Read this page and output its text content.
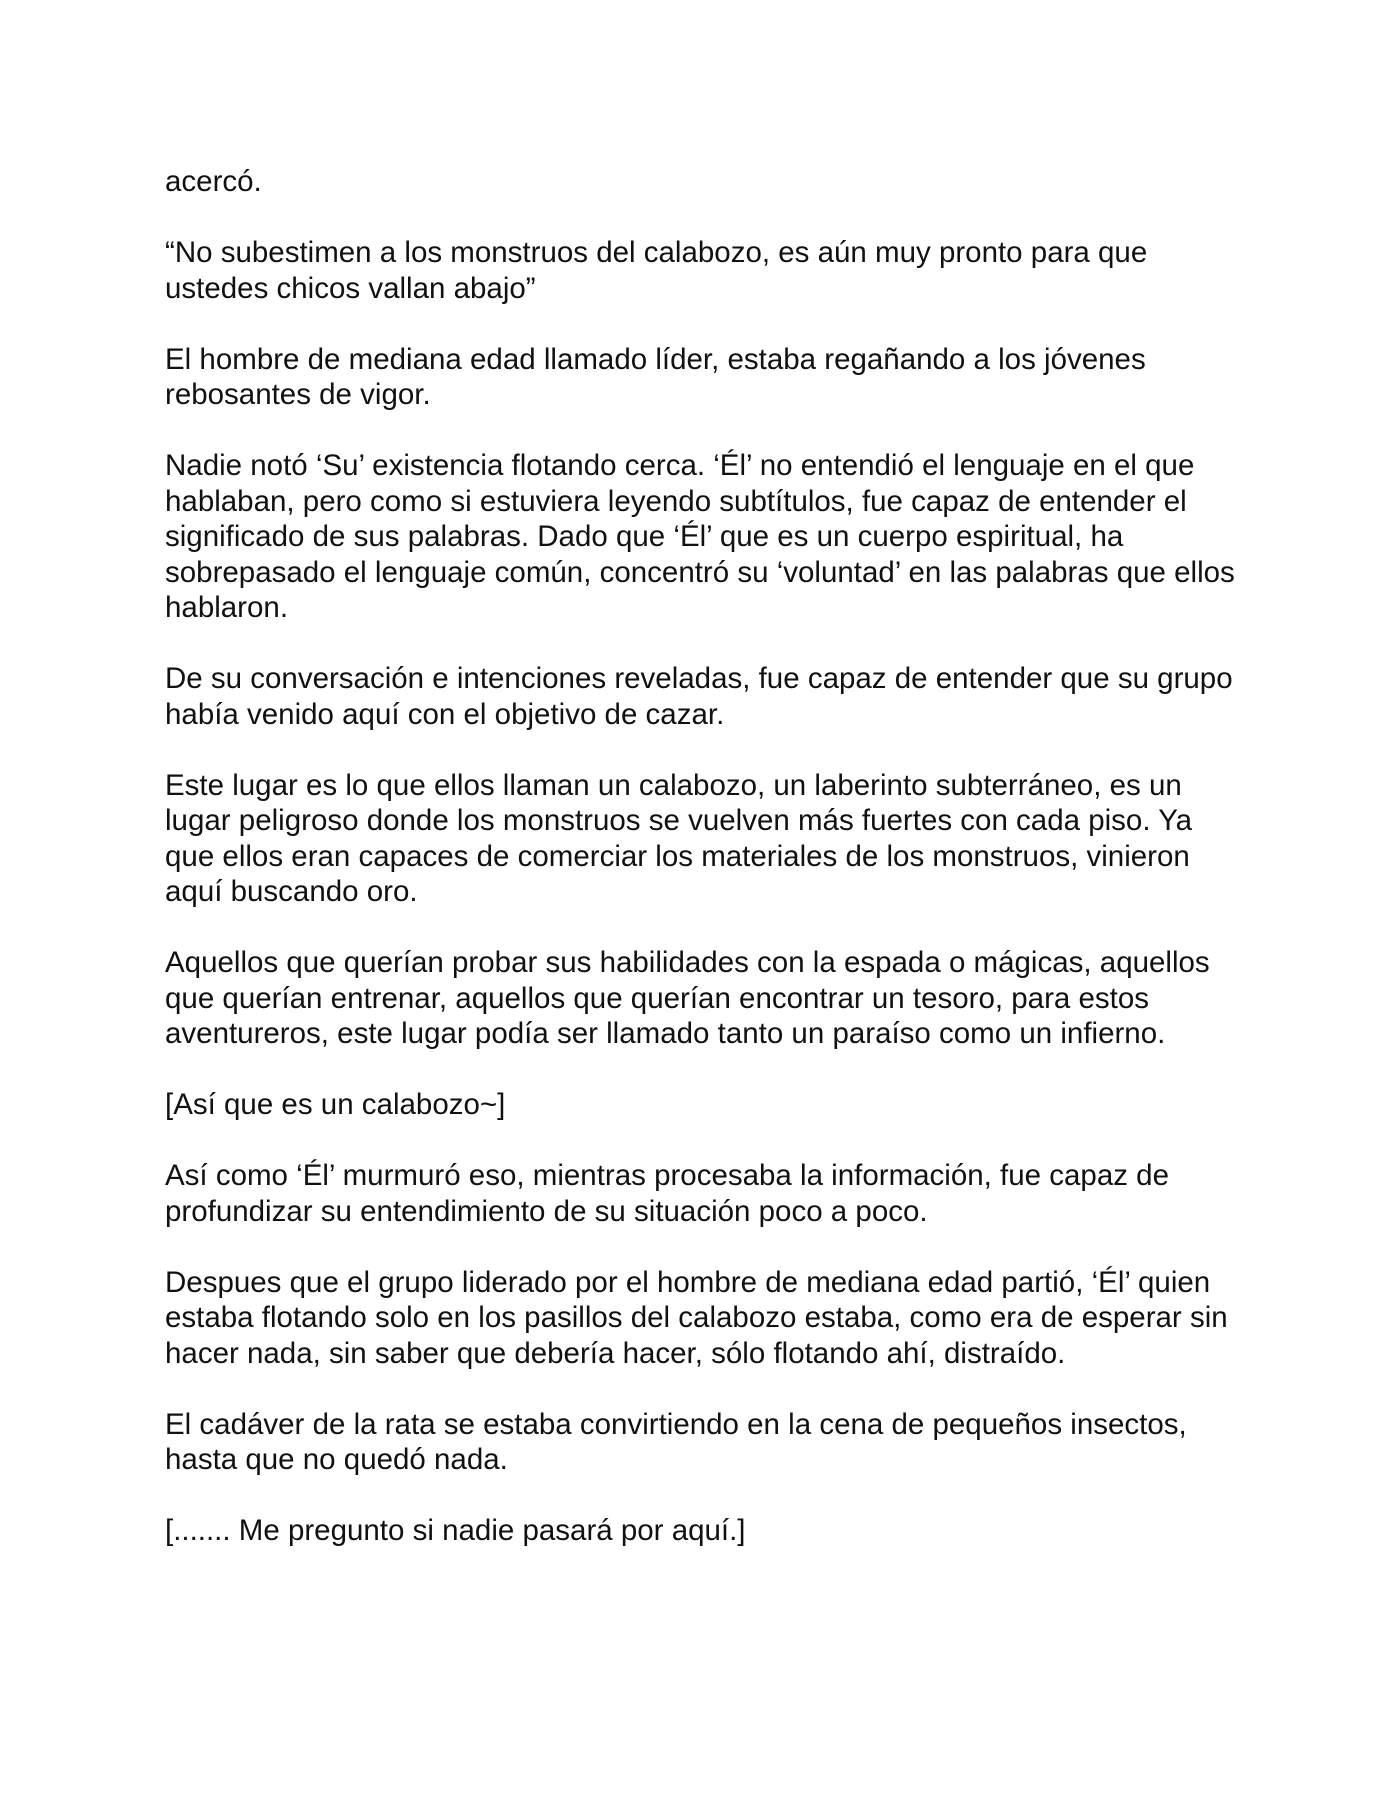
acercó.

“No subestimen a los monstruos del calabozo, es aún muy pronto para que ustedes chicos vallan abajo”

El hombre de mediana edad llamado líder, estaba regañando a los jóvenes rebosantes de vigor.

Nadie notó ‘Su’ existencia flotando cerca. ‘Él’ no entendió el lenguaje en el que hablaban, pero como si estuviera leyendo subtítulos, fue capaz de entender el significado de sus palabras. Dado que ‘Él’ que es un cuerpo espiritual, ha sobrepasado el lenguaje común, concentró su ‘voluntad’ en las palabras que ellos hablaron.

De su conversación e intenciones reveladas, fue capaz de entender que su grupo había venido aquí con el objetivo de cazar.

Este lugar es lo que ellos llaman un calabozo, un laberinto subterráneo, es un lugar peligroso donde los monstruos se vuelven más fuertes con cada piso. Ya que ellos eran capaces de comerciar los materiales de los monstruos, vinieron aquí buscando oro.

Aquellos que querían probar sus habilidades con la espada o mágicas, aquellos que querían entrenar, aquellos que querían encontrar un tesoro, para estos aventureros, este lugar podía ser llamado tanto un paraíso como un infierno.

[Así que es un calabozo~]

Así como ‘Él’ murmuró eso, mientras procesaba la información, fue capaz de profundizar su entendimiento de su situación poco a poco.

Despues que el grupo liderado por el hombre de mediana edad partió, ‘Él’ quien estaba flotando solo en los pasillos del calabozo estaba, como era de esperar sin hacer nada, sin saber que debería hacer, sólo flotando ahí, distraído.

El cadáver de la rata se estaba convirtiendo en la cena de pequeños insectos, hasta que no quedó nada.

[....... Me pregunto si nadie pasará por aquí.]
